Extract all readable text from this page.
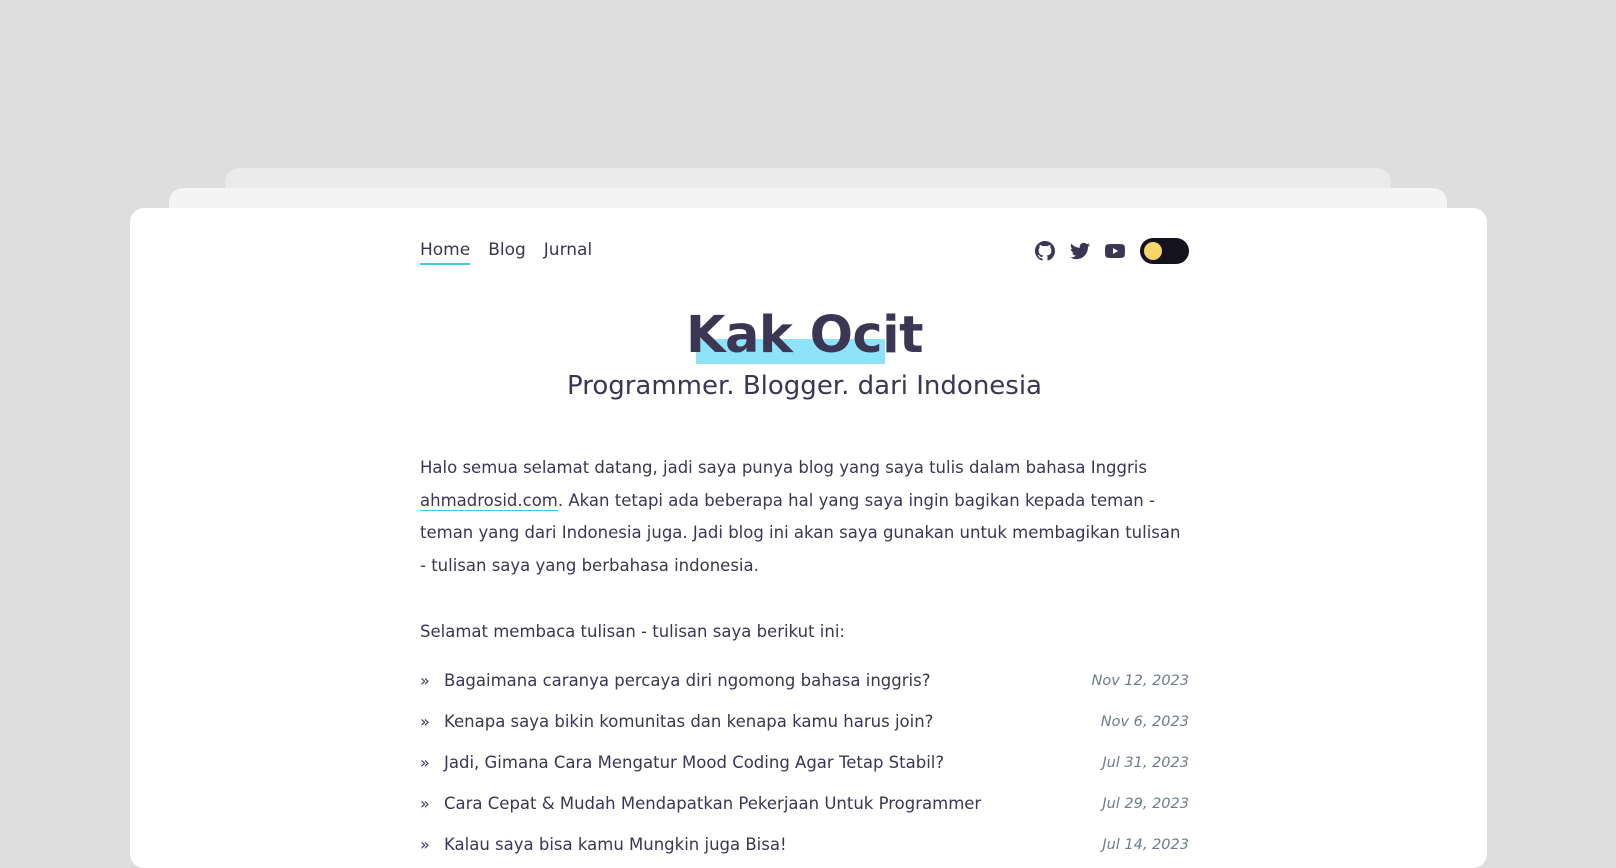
Home Blog Jurnal
Kak Ocit

Programmer. Blogger. dari Indonesia

Halo semua selamat datang, jadi saya punya blog yang saya tulis dalam bahasa Inggris ahmadrosid.com. Akan tetapi ada beberapa hal yang saya ingin bagikan kepada teman - teman yang dari Indonesia juga. Jadi blog ini akan saya gunakan untuk membagikan tulisan - tulisan saya yang berbahasa indonesia.

Selamat membaca tulisan - tulisan saya berikut ini:

» Bagaimana caranya percaya diri ngomong bahasa inggris?	Nov 12, 2023
» Kenapa saya bikin komunitas dan kenapa kamu harus join?	Nov 6, 2023
» Jadi, Gimana Cara Mengatur Mood Coding Agar Tetap Stabil?	Jul 31, 2023
» Cara Cepat & Mudah Mendapatkan Pekerjaan Untuk Programmer	Jul 29, 2023
» Kalau saya bisa kamu Mungkin juga Bisa!	Jul 14, 2023
